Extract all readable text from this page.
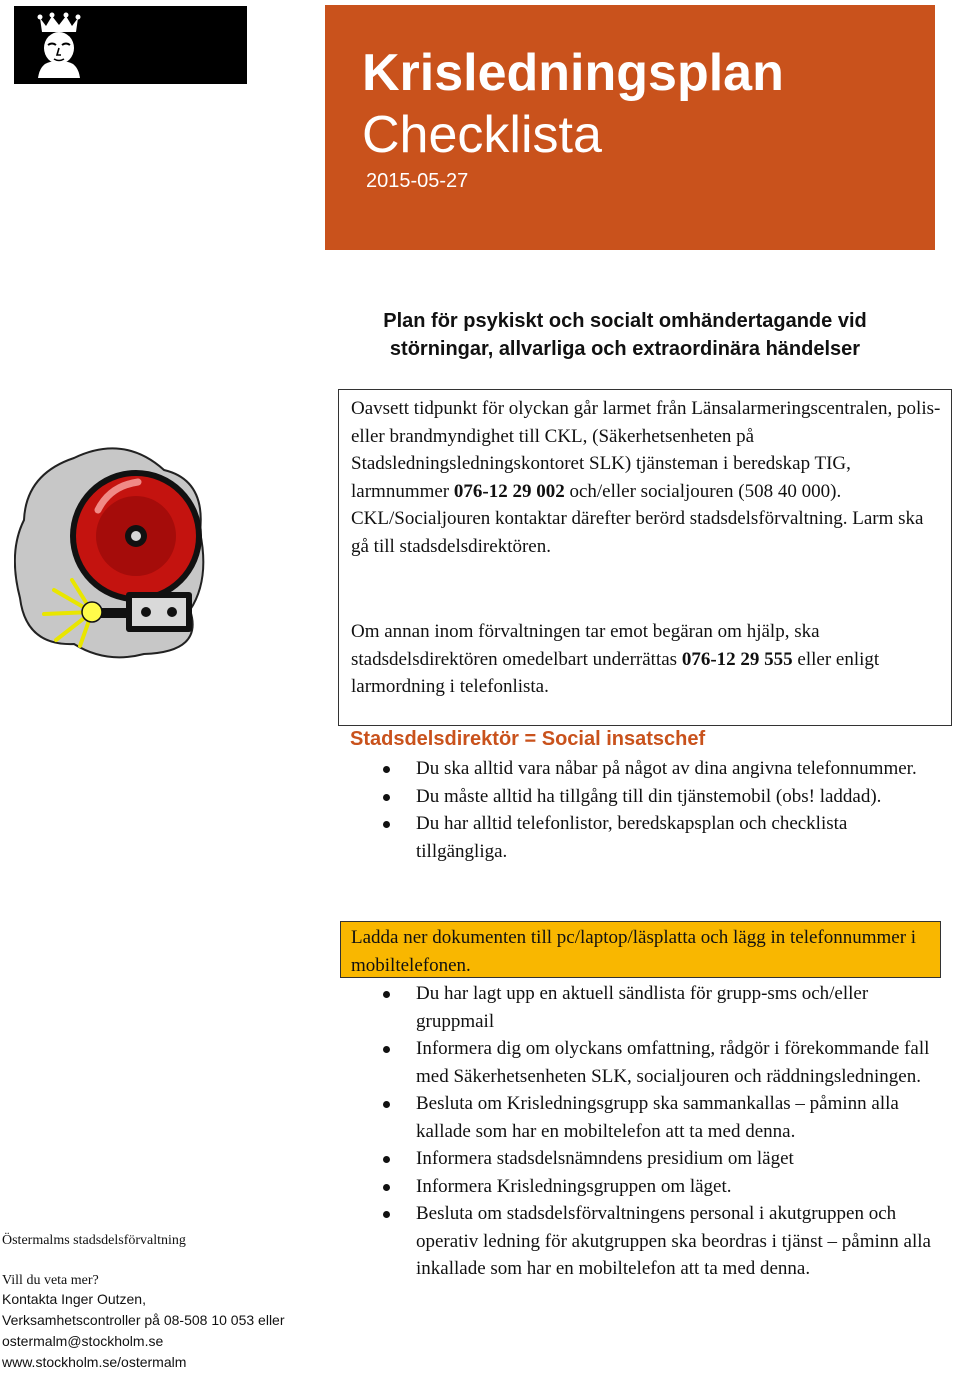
Krisledningsplan
Checklista
2015-05-27
Plan för psykiskt och socialt omhändertagande vid
störningar, allvarliga och extraordinära händelser

Oavsett tidpunkt för olyckan går larmet från Länsalarmeringscentralen, polis- eller brandmyndighet till CKL, (Säkerhetsenheten på Stadsledningsledningskontoret SLK) tjänsteman i beredskap TIG, larmnummer 076-12 29 002 och/eller socialjouren (508 40 000). CKL/Socialjouren kontaktar därefter berörd stadsdelsförvaltning. Larm ska gå till stadsdelsdirektören.

Om annan inom förvaltningen tar emot begäran om hjälp, ska stadsdelsdirektören omedelbart underrättas 076-12 29 555 eller enligt larmordning i telefonlista.

Stadsdelsdirektör = Social insatschef
Du ska alltid vara nåbar på något av dina angivna telefonnummer.
Du måste alltid ha tillgång till din tjänstemobil (obs! laddad).
Du har alltid telefonlistor, beredskapsplan och checklista tillgängliga.
Ladda ner dokumenten till pc/laptop/läsplatta och lägg in telefonnummer i mobiltelefonen.
Du har lagt upp en aktuell sändlista för grupp-sms och/eller gruppmail
Informera dig om olyckans omfattning, rådgör i förekommande fall med Säkerhetsenheten SLK, socialjouren och räddningsledningen.
Besluta om Krisledningsgrupp ska sammankallas – påminn alla kallade som har en mobiltelefon att ta med denna.
Informera stadsdelsnämndens presidium om läget
Informera Krisledningsgruppen om läget.
Besluta om stadsdelsförvaltningens personal i akutgruppen och operativ ledning för akutgruppen ska beordras i tjänst – påminn alla inkallade som har en mobiltelefon att ta med denna.
Östermalms stadsdelsförvaltning
Vill du veta mer?
Kontakta Inger Outzen,
Verksamhetscontroller på 08-508 10 053 eller
ostermalm@stockholm.se
www.stockholm.se/ostermalm
